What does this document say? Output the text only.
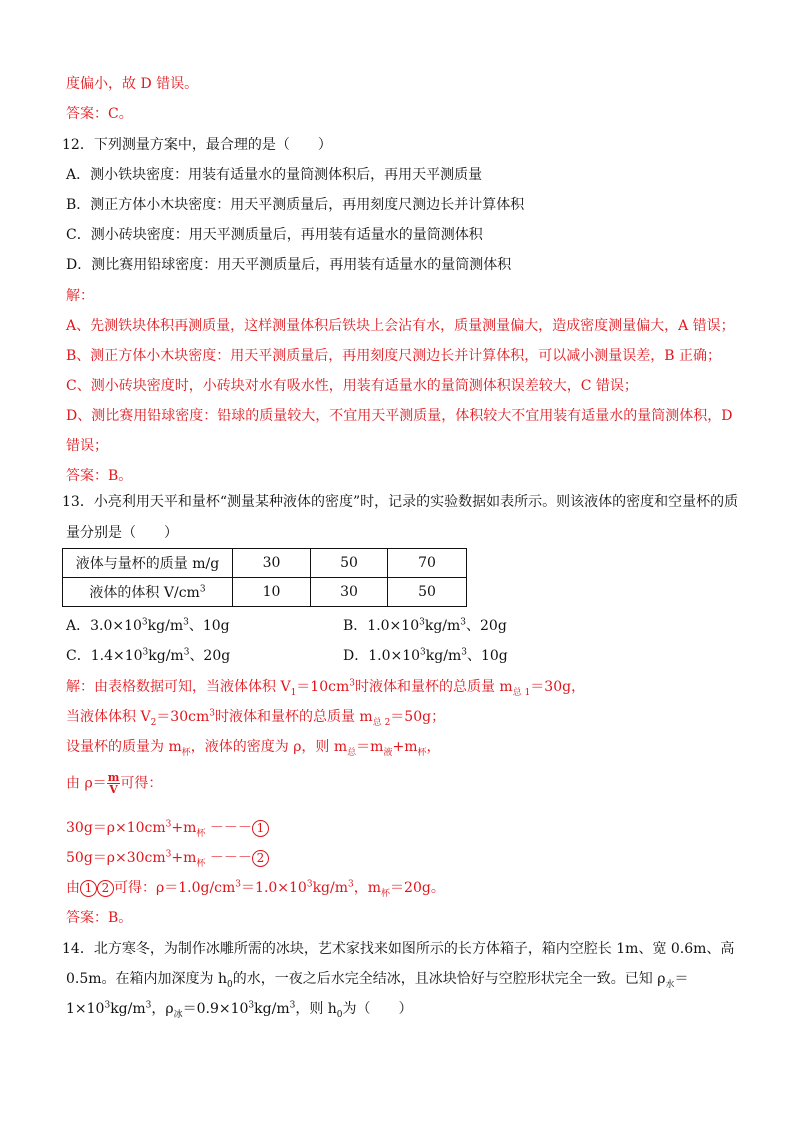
度偏小，故 D 错误。
答案：C。
12．下列测量方案中，最合理的是（　　）
A．测小铁块密度：用装有适量水的量筒测体积后，再用天平测质量
B．测正方体小木块密度：用天平测质量后，再用刻度尺测边长并计算体积
C．测小砖块密度：用天平测质量后，再用装有适量水的量筒测体积
D．测比赛用铅球密度：用天平测质量后，再用装有适量水的量筒测体积
解：
A、先测铁块体积再测质量，这样测量体积后铁块上会沾有水，质量测量偏大，造成密度测量偏大，A 错误；
B、测正方体小木块密度：用天平测质量后，再用刻度尺测边长并计算体积，可以减小测量误差，B 正确；
C、测小砖块密度时，小砖块对水有吸水性，用装有适量水的量筒测体积误差较大，C 错误；
D、测比赛用铅球密度：铅球的质量较大，不宜用天平测质量，体积较大不宜用装有适量水的量筒测体积，D
错误；
答案：B。
13．小亮利用天平和量杯“测量某种液体的密度”时，记录的实验数据如表所示。则该液体的密度和空量杯的质
量分别是（　　）
液体与量杯的质量 m/g	30	50	70
液体的体积 $V/cm^3$	10	30	50
A．$3.0\times 10^3kg/m^3$、10g	B．$1.0\times 10^3kg/m^3$、20g
C．$1.4\times 10^3kg/m^3$、20g	D．$1.0\times 10^3kg/m^3$、10g
解：由表格数据可知，当液体体积 $V_1=10cm^3$时液体和量杯的总质量 $m_{总 1}=30g$，
当液体体积 $V_2=30cm^3$时液体和量杯的总质量 $m_{总 2}=50g$；
设量杯的质量为 $m_杯$，液体的密度为 ρ，则 $m_总=m_液+m_杯$，
由 $\rho= \frac{m}{V}$ 可得：
$30g=\rho\times 10cm^3+m_杯$ －－－ 1
$50g=\rho\times 30cm^3+m_杯$ －－－ 2
由 1 2 可得：$\rho=1.0g/cm^3=1.0\times 10^3kg/m^3$，$m_杯=20g$。
答案：B。
14．北方寒冬，为制作冰雕所需的冰块，艺术家找来如图所示的长方体箱子，箱内空腔长 1m、宽 0.6m、高
0.5m。在箱内加深度为 $h_0$的水，一夜之后水完全结冰，且冰块恰好与空腔形状完全一致。已知 $\rho_水=$
$1\times 10^3kg/m^3$，$\rho_冰=0.9\times 10^3kg/m^3$，则 $h_0$为（　　）
